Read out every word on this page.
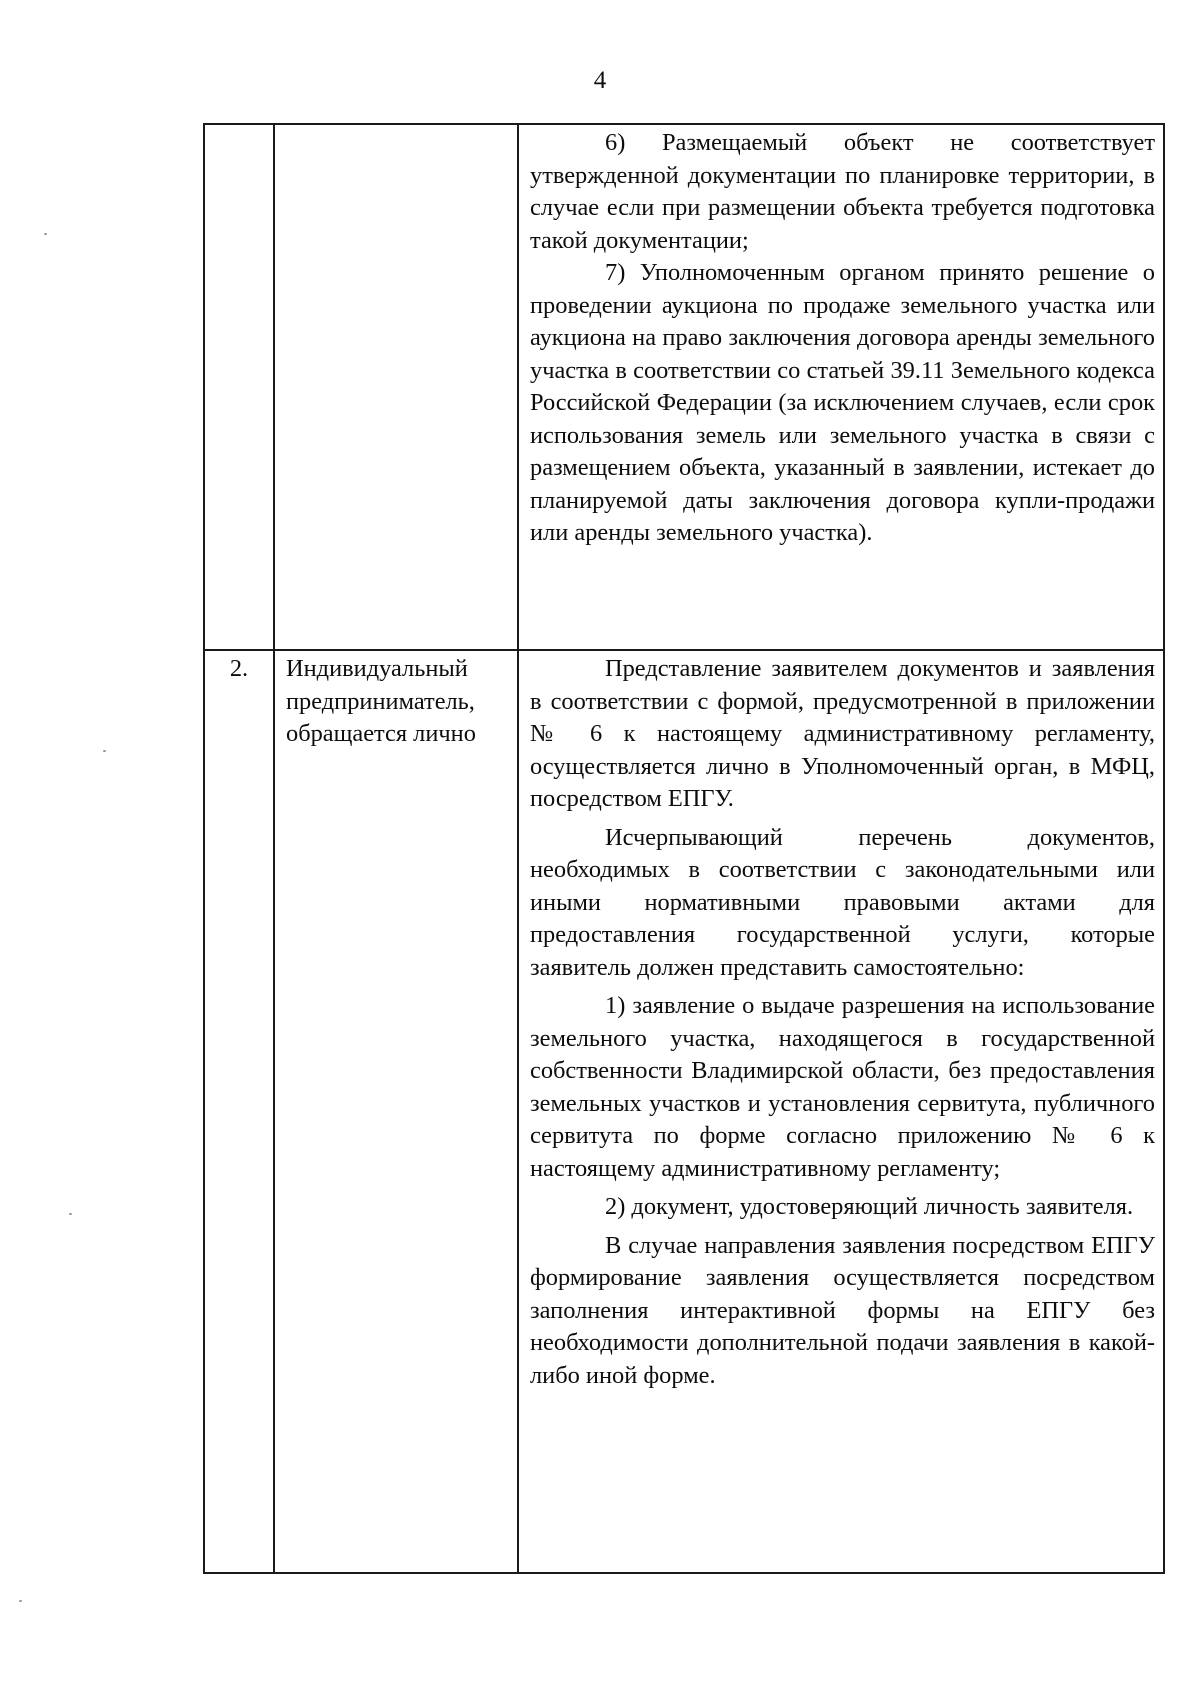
4

		6) Размещаемый объект не соответствует утвержденной документации по планировке территории, в случае если при размещении объекта требуется подготовка такой документации;

7) Уполномоченным органом принято решение о проведении аукциона по продаже земельного участка или аукциона на право заключения договора аренды земельного участка в соответствии со статьей 39.11 Земельного кодекса Российской Федерации (за исключением случаев, если срок использования земель или земельного участка в связи с размещением объекта, указанный в заявлении, истекает до планируемой даты заключения договора купли-продажи или аренды земельного участка).

2.	Индивидуальный предприниматель, обращается лично	Представление заявителем документов и заявления в соответствии с формой, предусмотренной в приложении № 6 к настоящему административному регламенту, осуществляется лично в Уполномоченный орган, в МФЦ, посредством ЕПГУ.

Исчерпывающий перечень документов, необходимых в соответствии с законодательными или иными нормативными правовыми актами для предоставления государственной услуги, которые заявитель должен представить самостоятельно:

1) заявление о выдаче разрешения на использование земельного участка, находящегося в государственной собственности Владимирской области, без предоставления земельных участков и установления сервитута, публичного сервитута по форме согласно приложению № 6 к настоящему административному регламенту;

2) документ, удостоверяющий личность заявителя.

В случае направления заявления посредством ЕПГУ формирование заявления осуществляется посредством заполнения интерактивной формы на ЕПГУ без необходимости дополнительной подачи заявления в какой-либо иной форме.
